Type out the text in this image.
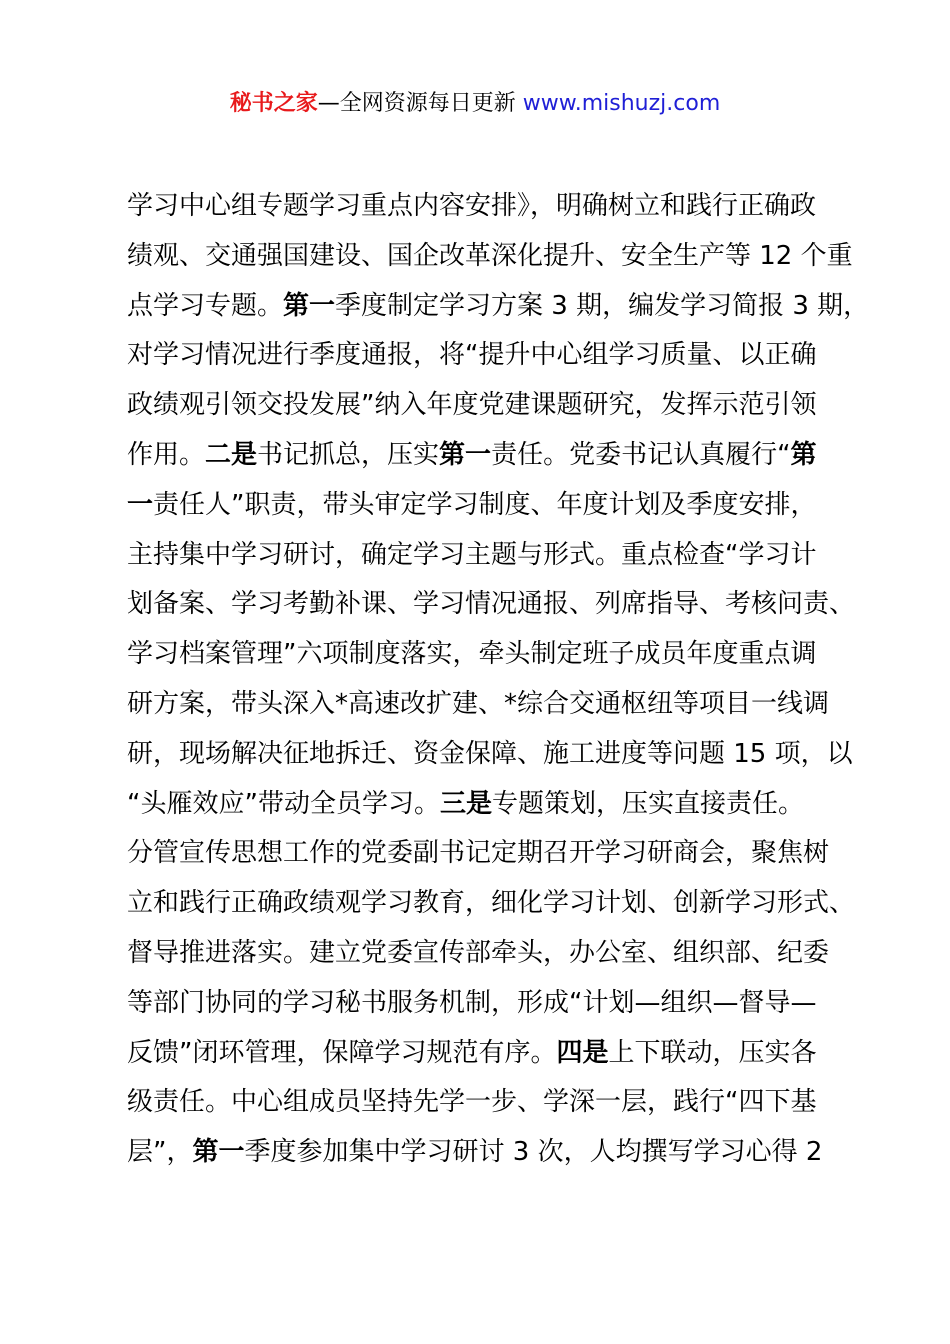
秘书之家—全网资源每日更新 www.mishuzj.com
学习中心组专题学习重点内容安排》，明确树立和践行正确政
绩观、交通强国建设、国企改革深化提升、安全生产等 12 个重
点学习专题。第一季度制定学习方案 3 期，编发学习简报 3 期，
对学习情况进行季度通报，将“提升中心组学习质量、以正确
政绩观引领交投发展”纳入年度党建课题研究，发挥示范引领
作用。二是书记抓总，压实第一责任。党委书记认真履行“第
一责任人”职责，带头审定学习制度、年度计划及季度安排，
主持集中学习研讨，确定学习主题与形式。重点检查“学习计
划备案、学习考勤补课、学习情况通报、列席指导、考核问责、
学习档案管理”六项制度落实，牵头制定班子成员年度重点调
研方案，带头深入*高速改扩建、*综合交通枢纽等项目一线调
研，现场解决征地拆迁、资金保障、施工进度等问题 15 项，以
“头雁效应”带动全员学习。三是专题策划，压实直接责任。
分管宣传思想工作的党委副书记定期召开学习研商会，聚焦树
立和践行正确政绩观学习教育，细化学习计划、创新学习形式、
督导推进落实。建立党委宣传部牵头，办公室、组织部、纪委
等部门协同的学习秘书服务机制，形成“计划—组织—督导—
反馈”闭环管理，保障学习规范有序。四是上下联动，压实各
级责任。中心组成员坚持先学一步、学深一层，践行“四下基
层”，第一季度参加集中学习研讨 3 次，人均撰写学习心得 2
